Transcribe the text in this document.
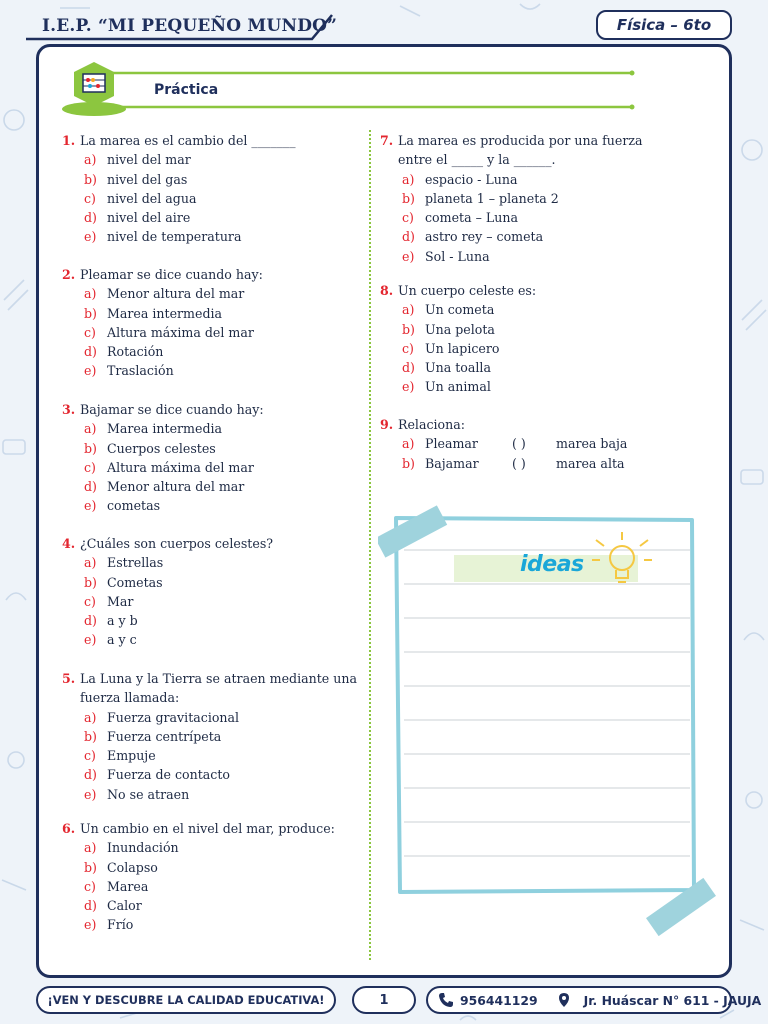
I.E.P. “MI PEQUEÑO MUNDO”	Física – 6to
Práctica
1. La marea es el cambio del _______
a) nivel del mar
b) nivel del gas
c) nivel del agua
d) nivel del aire
e) nivel de temperatura
2. Pleamar se dice cuando hay:
a) Menor altura del mar
b) Marea intermedia
c) Altura máxima del mar
d) Rotación
e) Traslación
3. Bajamar se dice cuando hay:
a) Marea intermedia
b) Cuerpos celestes
c) Altura máxima del mar
d) Menor altura del mar
e) cometas
4. ¿Cuáles son cuerpos celestes?
a) Estrellas
b) Cometas
c) Mar
d) a y b
e) a y c
5. La Luna y la Tierra se atraen mediante una fuerza llamada:
a) Fuerza gravitacional
b) Fuerza centrípeta
c) Empuje
d) Fuerza de contacto
e) No se atraen
6. Un cambio en el nivel del mar, produce:
a) Inundación
b) Colapso
c) Marea
d) Calor
e) Frío
7. La marea es producida por una fuerza entre el _____ y la ______.
a) espacio - Luna
b) planeta 1 – planeta 2
c) cometa – Luna
d) astro rey – cometa
e) Sol - Luna
8. Un cuerpo celeste es:
a) Un cometa
b) Una pelota
c) Un lapicero
d) Una toalla
e) Un animal
9. Relaciona:
a) Pleamar	( ) marea baja
b) Bajamar	( ) marea alta
ideas
¡VEN Y DESCUBRE LA CALIDAD EDUCATIVA!	1	956441129	Jr. Huáscar N° 611 - JAUJA
